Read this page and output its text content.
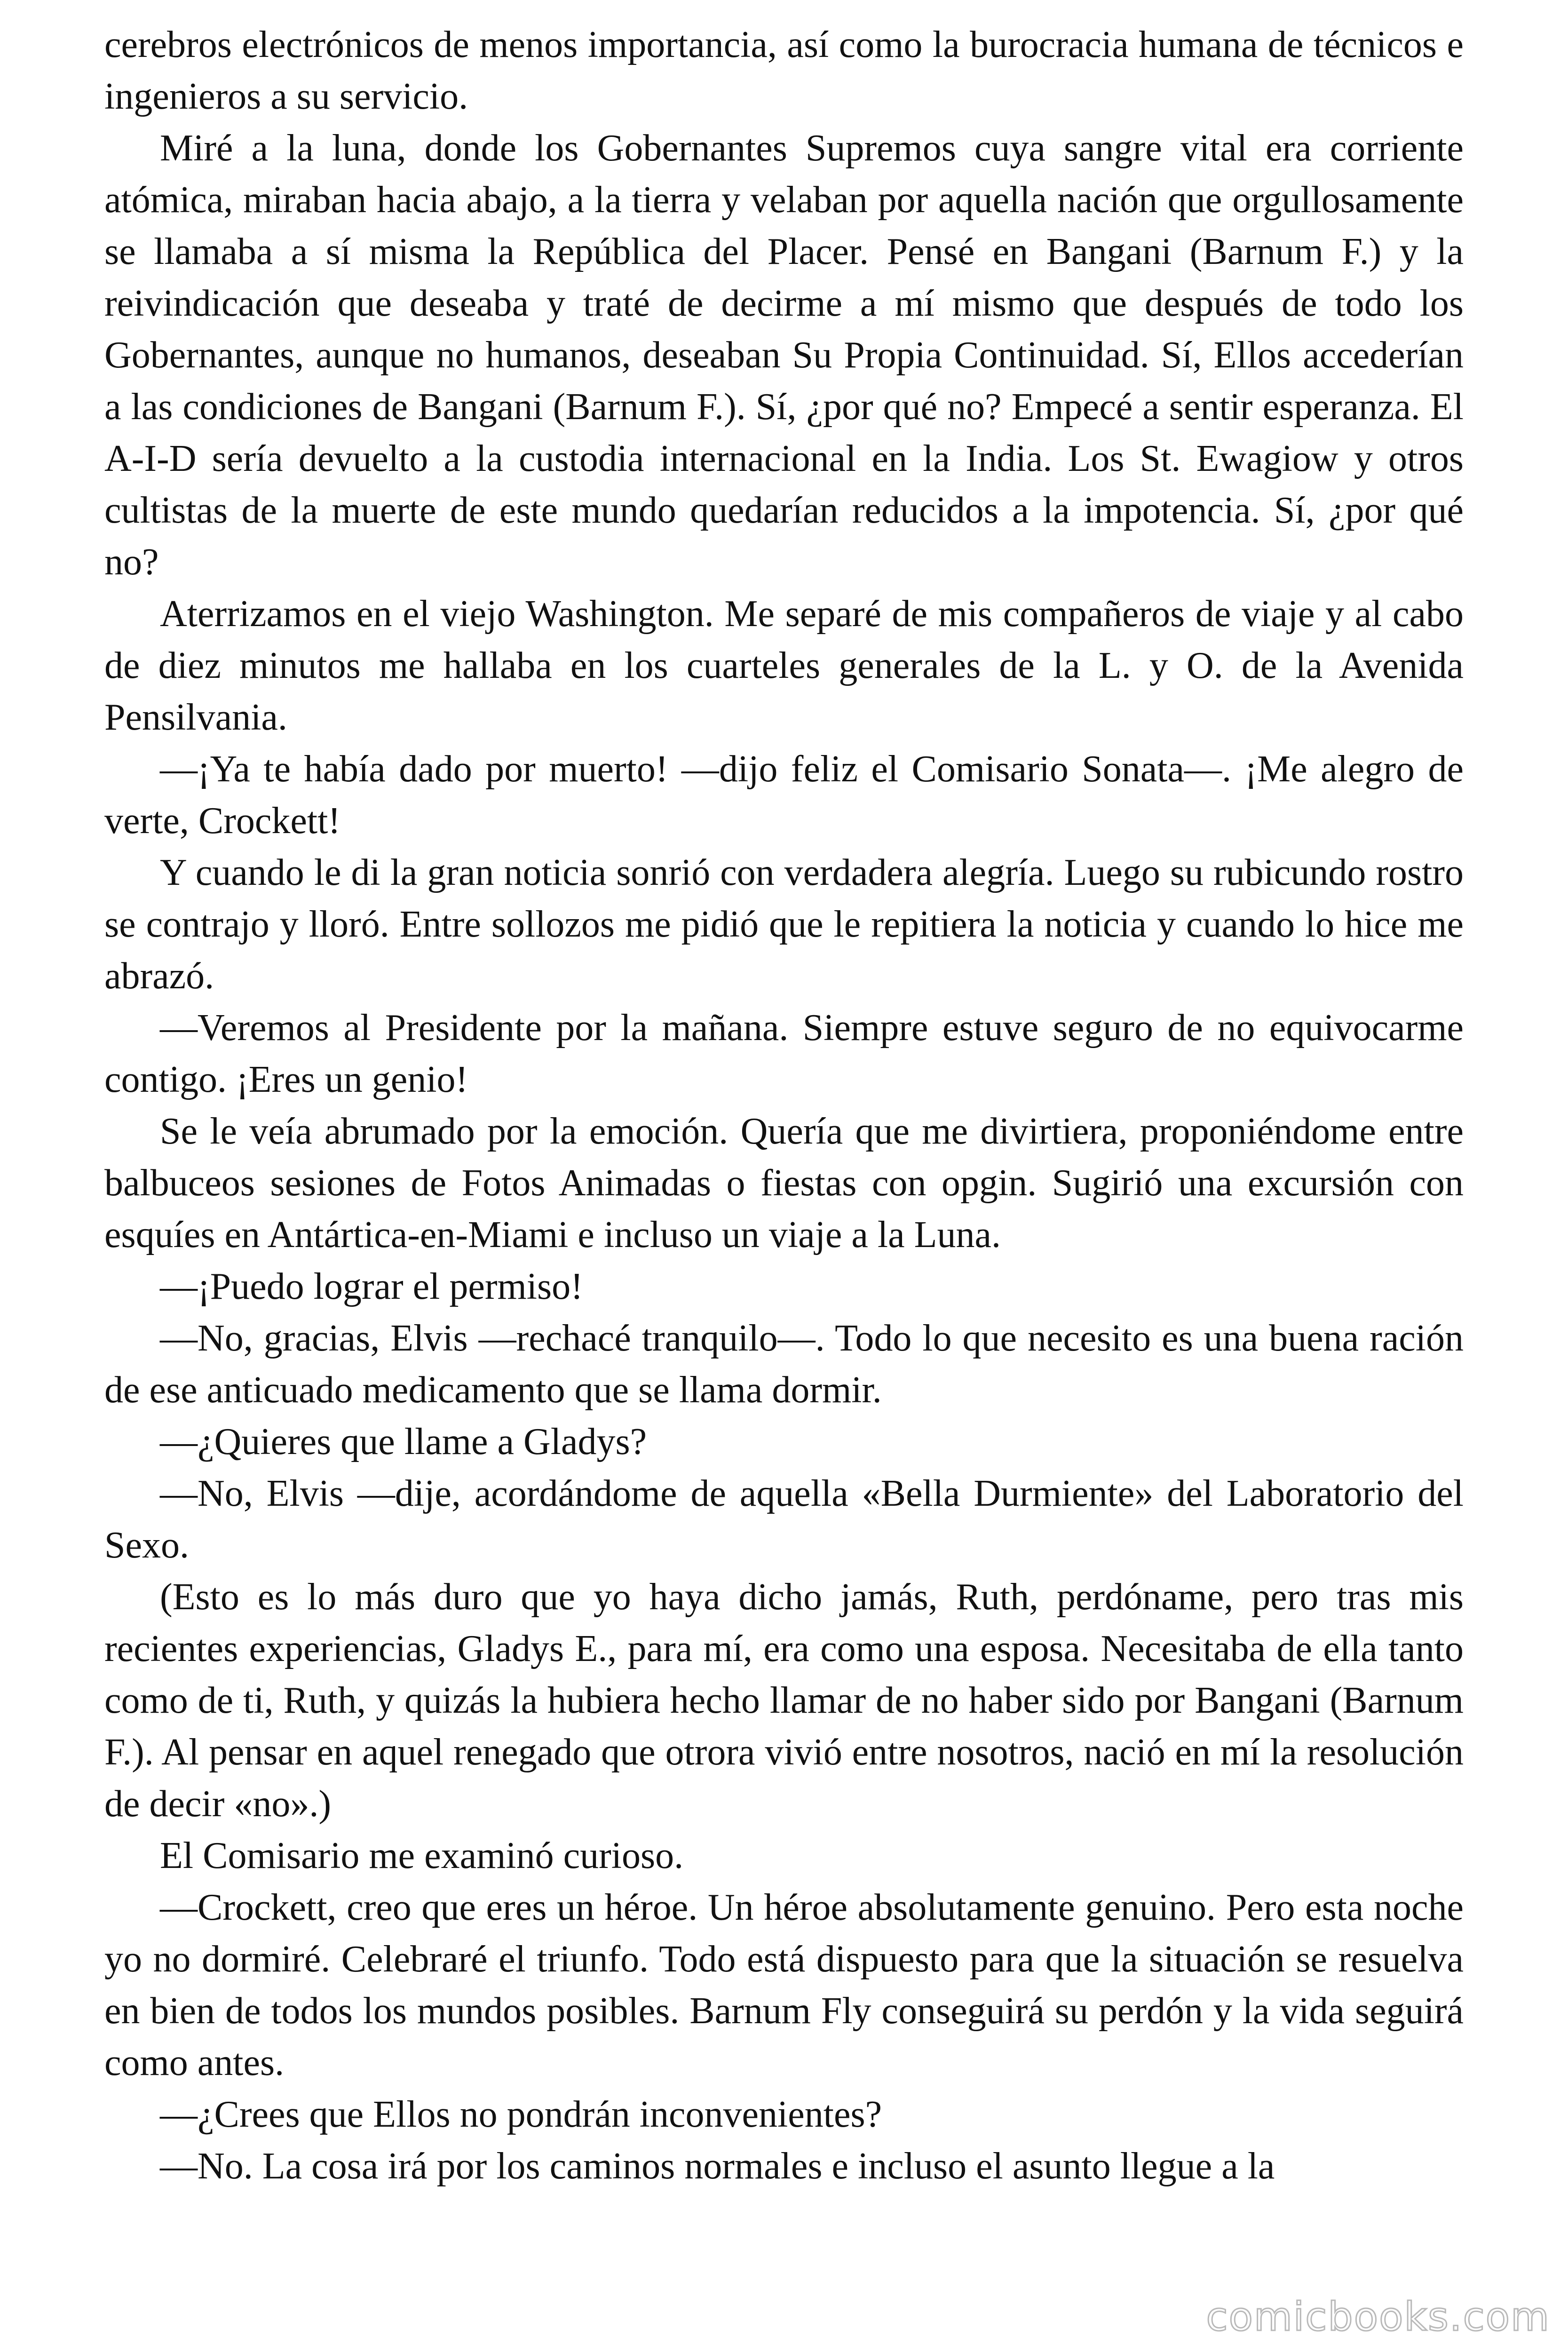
cerebros electrónicos de menos importancia, así como la burocracia humana de técnicos e ingenieros a su servicio.

Miré a la luna, donde los Gobernantes Supremos cuya sangre vital era corriente atómica, miraban hacia abajo, a la tierra y velaban por aquella nación que orgullosamente se llamaba a sí misma la República del Placer. Pensé en Bangani (Barnum F.) y la reivindicación que deseaba y traté de decirme a mí mismo que después de todo los Gobernantes, aunque no humanos, deseaban Su Propia Continuidad. Sí, Ellos accederían a las condiciones de Bangani (Barnum F.). Sí, ¿por qué no? Empecé a sentir esperanza. El A-I-D sería devuelto a la custodia internacional en la India. Los St. Ewagiow y otros cultistas de la muerte de este mundo quedarían reducidos a la impotencia. Sí, ¿por qué no?

Aterrizamos en el viejo Washington. Me separé de mis compañeros de viaje y al cabo de diez minutos me hallaba en los cuarteles generales de la L. y O. de la Avenida Pensilvania.

—¡Ya te había dado por muerto! —dijo feliz el Comisario Sonata—. ¡Me alegro de verte, Crockett!

Y cuando le di la gran noticia sonrió con verdadera alegría. Luego su rubicundo rostro se contrajo y lloró. Entre sollozos me pidió que le repitiera la noticia y cuando lo hice me abrazó.

—Veremos al Presidente por la mañana. Siempre estuve seguro de no equivocarme contigo. ¡Eres un genio!

Se le veía abrumado por la emoción. Quería que me divirtiera, proponiéndome entre balbuceos sesiones de Fotos Animadas o fiestas con opgin. Sugirió una excursión con esquíes en Antártica-en-Miami e incluso un viaje a la Luna.

—¡Puedo lograr el permiso!

—No, gracias, Elvis —rechacé tranquilo—. Todo lo que necesito es una buena ración de ese anticuado medicamento que se llama dormir.

—¿Quieres que llame a Gladys?

—No, Elvis —dije, acordándome de aquella «Bella Durmiente» del Laboratorio del Sexo.

(Esto es lo más duro que yo haya dicho jamás, Ruth, perdóname, pero tras mis recientes experiencias, Gladys E., para mí, era como una esposa. Necesitaba de ella tanto como de ti, Ruth, y quizás la hubiera hecho llamar de no haber sido por Bangani (Barnum F.). Al pensar en aquel renegado que otrora vivió entre nosotros, nació en mí la resolución de decir «no».)

El Comisario me examinó curioso.

—Crockett, creo que eres un héroe. Un héroe absolutamente genuino. Pero esta noche yo no dormiré. Celebraré el triunfo. Todo está dispuesto para que la situación se resuelva en bien de todos los mundos posibles. Barnum Fly conseguirá su perdón y la vida seguirá como antes.

—¿Crees que Ellos no pondrán inconvenientes?

—No. La cosa irá por los caminos normales e incluso el asunto llegue a la

comicbooks.com
